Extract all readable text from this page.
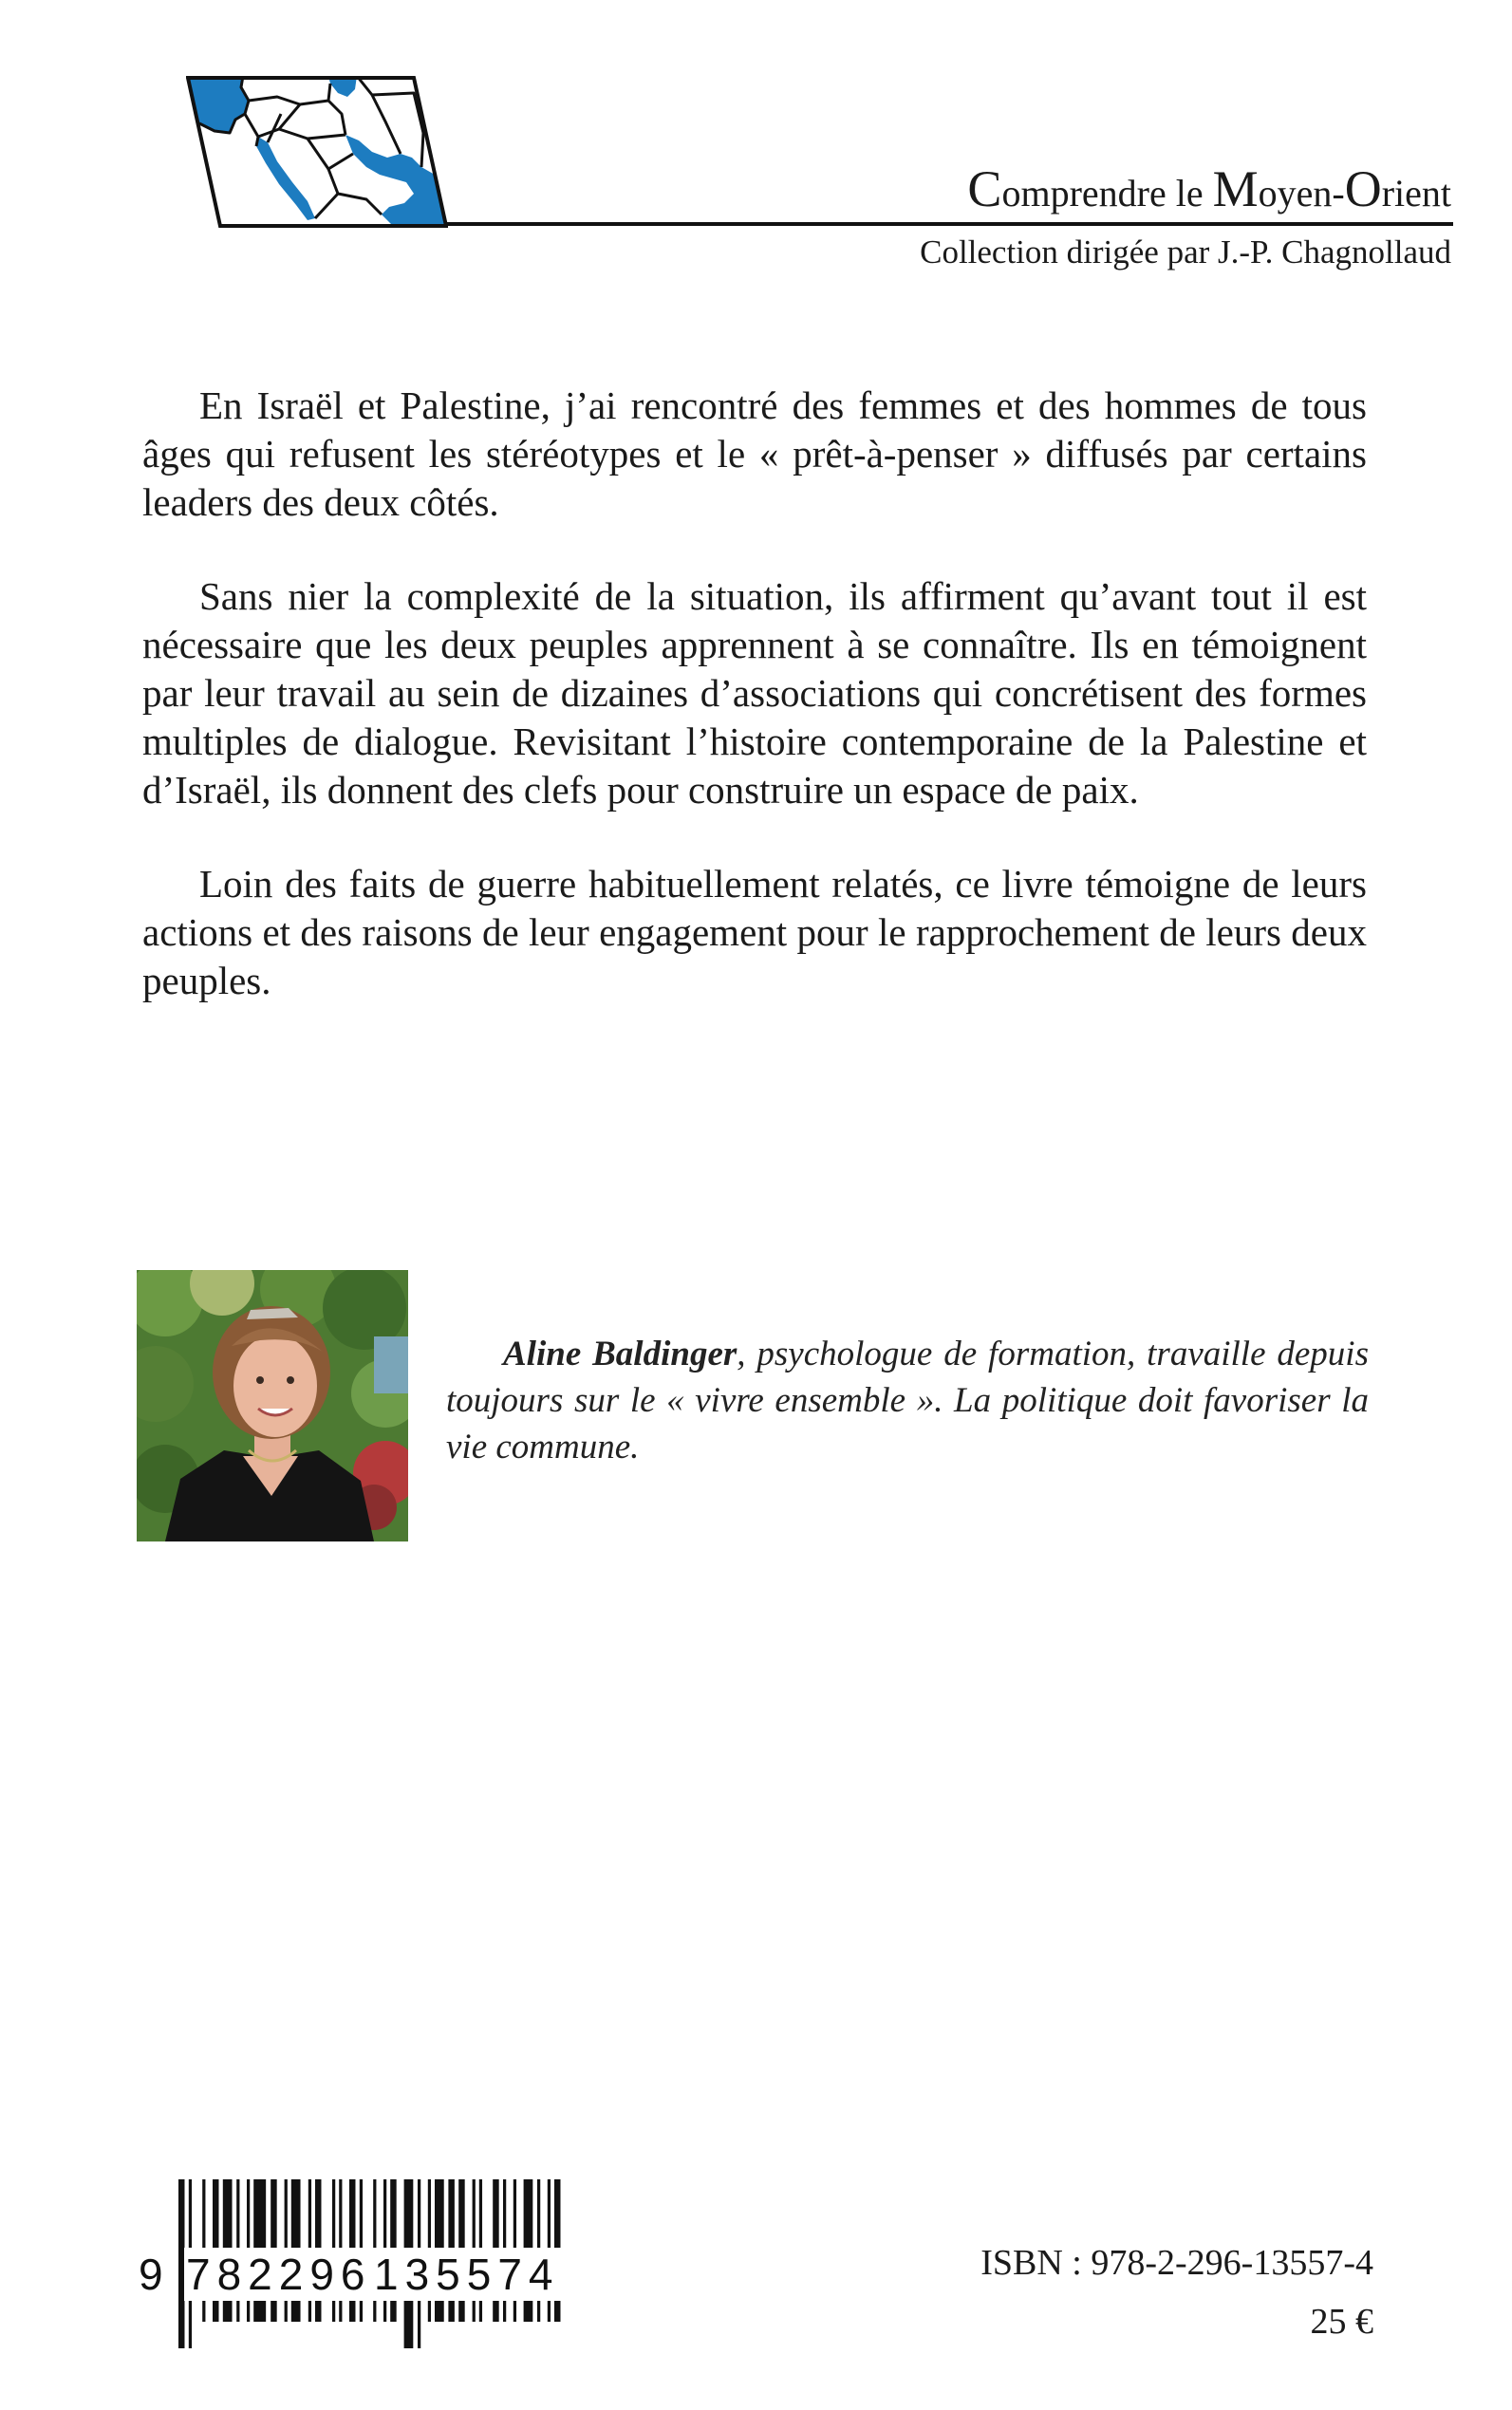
Comprendre le Moyen-Orient
Collection dirigée par J.-P. Chagnollaud

En Israël et Palestine, j’ai rencontré des femmes et des hommes de tous âges qui refusent les stéréotypes et le « prêt-à-penser » diffusés par certains leaders des deux côtés.

Sans nier la complexité de la situation, ils affirment qu’avant tout il est nécessaire que les deux peuples apprennent à se connaître. Ils en témoignent par leur travail au sein de dizaines d’associations qui concrétisent des formes multiples de dialogue. Revisitant l’histoire contemporaine de la Palestine et d’Israël, ils donnent des clefs pour construire un espace de paix.

Loin des faits de guerre habituellement relatés, ce livre témoigne de leurs actions et des raisons de leur engagement pour le rapprochement de leurs deux peuples.

Aline Baldinger, psychologue de formation, travaille depuis toujours sur le « vivre ensemble ». La politique doit favoriser la vie commune.

9 782296 135574	ISBN : 978-2-296-13557-4
25 €
